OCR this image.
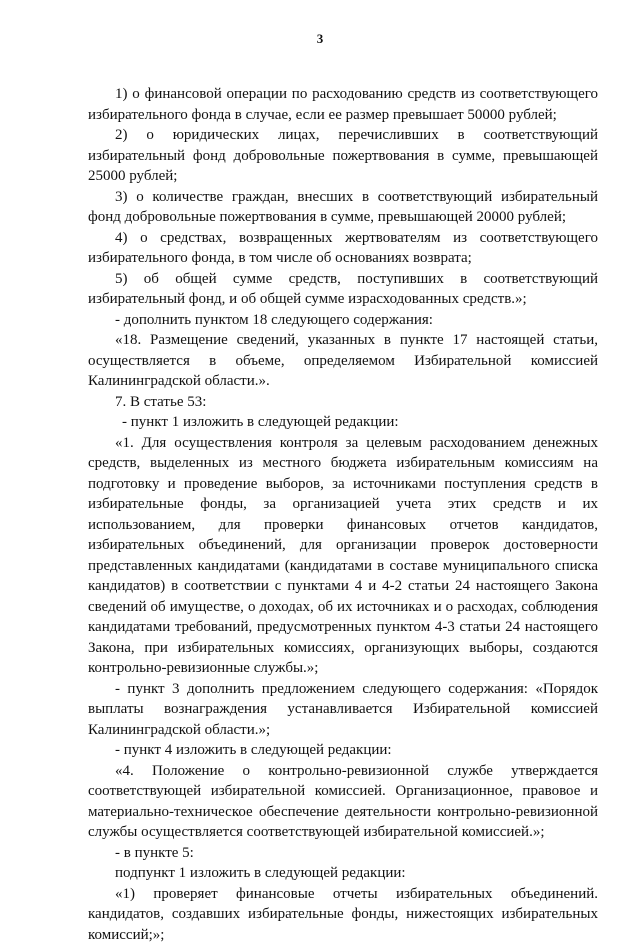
3

1) о финансовой операции по расходованию средств из соответствующего избирательного фонда в случае, если ее размер превышает 50000 рублей;

2) о юридических лицах, перечисливших в соответствующий избирательный фонд добровольные пожертвования в сумме, превышающей 25000 рублей;

3) о количестве граждан, внесших в соответствующий избирательный фонд добровольные пожертвования в сумме, превышающей 20000 рублей;

4) о средствах, возвращенных жертвователям из соответствующего избирательного фонда, в том числе об основаниях возврата;

5) об общей сумме средств, поступивших в соответствующий избирательный фонд, и об общей сумме израсходованных средств.»;

- дополнить пунктом 18 следующего содержания:

«18. Размещение сведений, указанных в пункте 17 настоящей статьи, осуществляется в объеме, определяемом Избирательной комиссией Калининградской области.».

7. В статье 53:

- пункт 1 изложить в следующей редакции:

«1. Для осуществления контроля за целевым расходованием денежных средств, выделенных из местного бюджета избирательным комиссиям на подготовку и проведение выборов, за источниками поступления средств в избирательные фонды, за организацией учета этих средств и их использованием, для проверки финансовых отчетов кандидатов, избирательных объединений, для организации проверок достоверности представленных кандидатами (кандидатами в составе муниципального списка кандидатов) в соответствии с пунктами 4 и 4-2 статьи 24 настоящего Закона сведений об имуществе, о доходах, об их источниках и о расходах, соблюдения кандидатами требований, предусмотренных пунктом 4-3 статьи 24 настоящего Закона, при избирательных комиссиях, организующих выборы, создаются контрольно-ревизионные службы.»;

- пункт 3 дополнить предложением следующего содержания: «Порядок выплаты вознаграждения устанавливается Избирательной комиссией Калининградской области.»;

- пункт 4 изложить в следующей редакции:

«4. Положение о контрольно-ревизионной службе утверждается соответствующей избирательной комиссией. Организационное, правовое и материально-техническое обеспечение деятельности контрольно-ревизионной службы осуществляется соответствующей избирательной комиссией.»;

- в пункте 5:

подпункт 1 изложить в следующей редакции:

«1) проверяет финансовые отчеты избирательных объединений. кандидатов, создавших избирательные фонды, нижестоящих избирательных комиссий;»;
